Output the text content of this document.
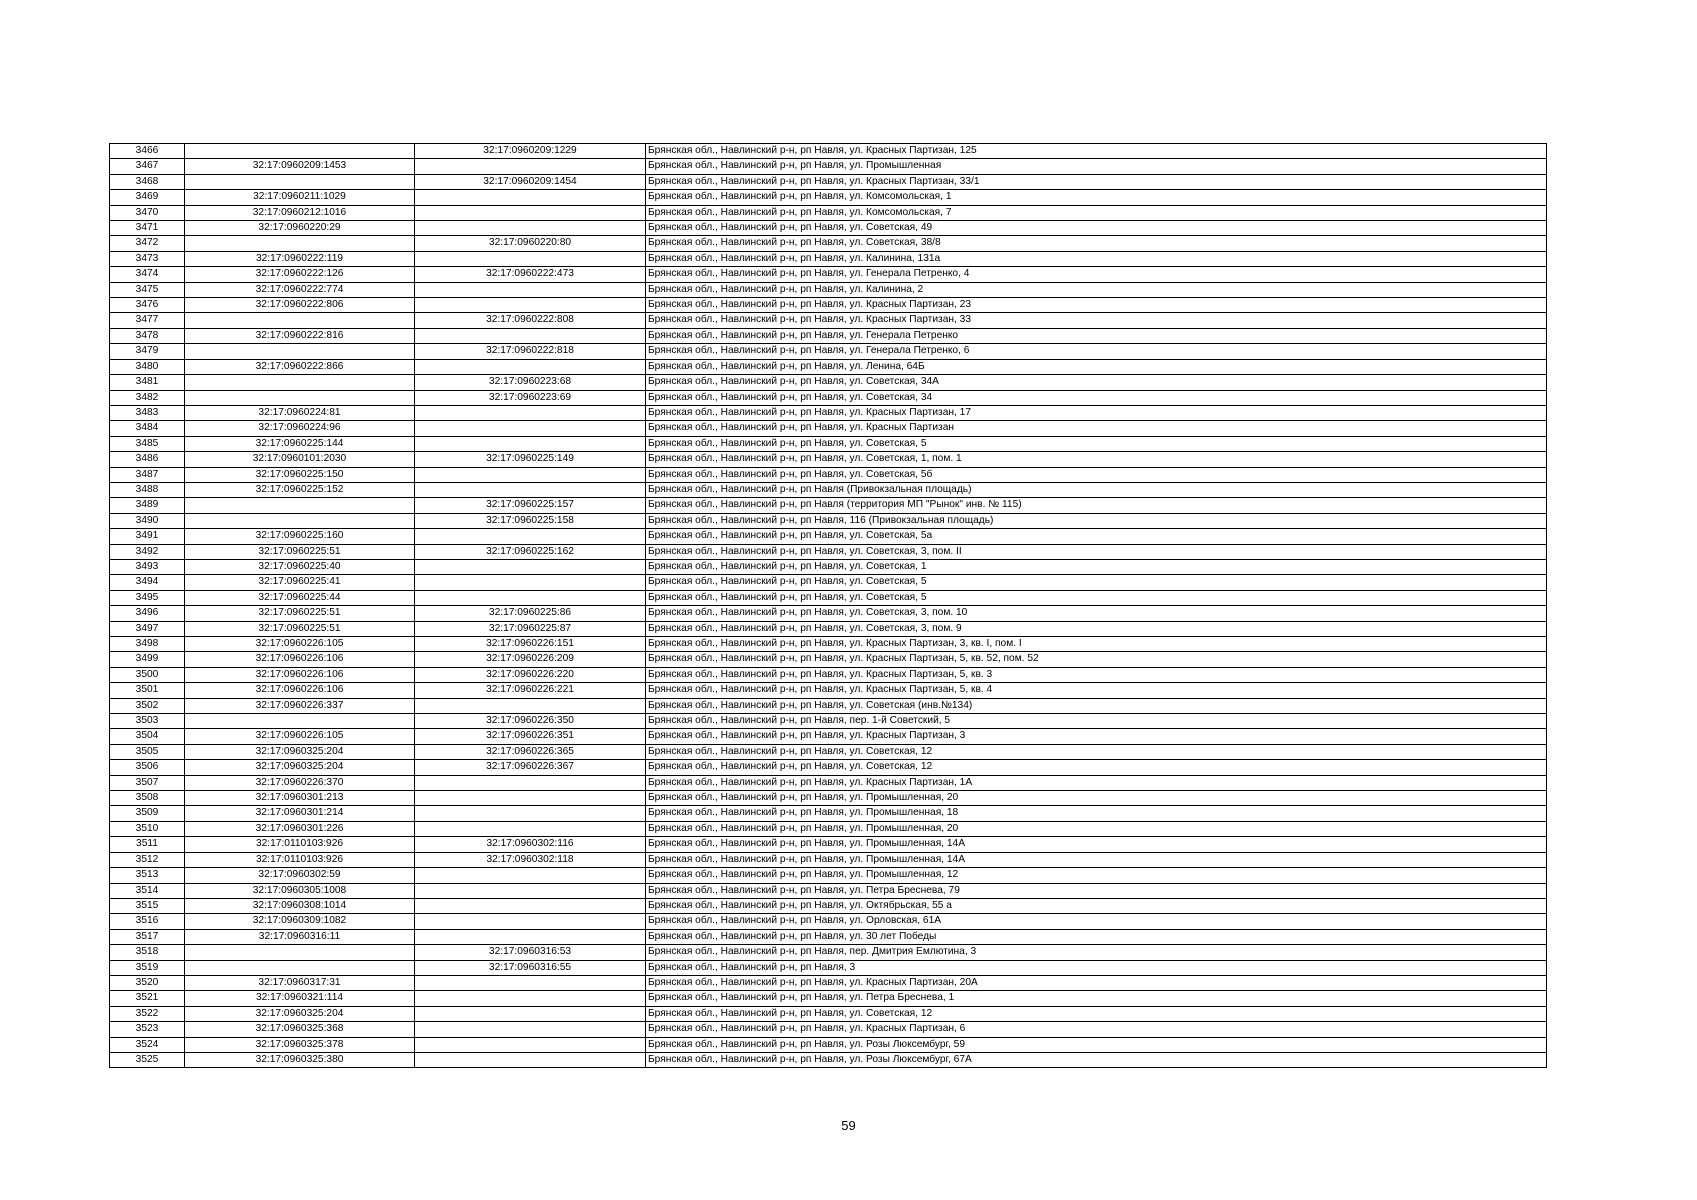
3466		32:17:0960209:1229	Брянская обл., Навлинский р-н, рп Навля, ул. Красных Партизан, 125
3467	32:17:0960209:1453		Брянская обл., Навлинский р-н, рп Навля, ул. Промышленная
3468		32:17:0960209:1454	Брянская обл., Навлинский р-н, рп Навля, ул. Красных Партизан, 33/1
3469	32:17:0960211:1029		Брянская обл., Навлинский р-н, рп Навля, ул. Комсомольская, 1
3470	32:17:0960212:1016		Брянская обл., Навлинский р-н, рп Навля, ул. Комсомольская, 7
3471	32:17:0960220:29		Брянская обл., Навлинский р-н, рп Навля, ул. Советская, 49
3472		32:17:0960220:80	Брянская обл., Навлинский р-н, рп Навля, ул. Советская, 38/8
3473	32:17:0960222:119		Брянская обл., Навлинский р-н, рп Навля, ул. Калинина, 131а
3474	32:17:0960222:126	32:17:0960222:473	Брянская обл., Навлинский р-н, рп Навля, ул. Генерала Петренко, 4
3475	32:17:0960222:774		Брянская обл., Навлинский р-н, рп Навля, ул. Калинина, 2
3476	32:17:0960222:806		Брянская обл., Навлинский р-н, рп Навля, ул. Красных Партизан, 23
3477		32:17:0960222:808	Брянская обл., Навлинский р-н, рп Навля, ул. Красных Партизан, 33
3478	32:17:0960222:816		Брянская обл., Навлинский р-н, рп Навля, ул. Генерала Петренко
3479		32:17:0960222:818	Брянская обл., Навлинский р-н, рп Навля, ул. Генерала Петренко, 6
3480	32:17:0960222:866		Брянская обл., Навлинский р-н, рп Навля, ул. Ленина, 64Б
3481		32:17:0960223:68	Брянская обл., Навлинский р-н, рп Навля, ул. Советская, 34А
3482		32:17:0960223:69	Брянская обл., Навлинский р-н, рп Навля, ул. Советская, 34
3483	32:17:0960224:81		Брянская обл., Навлинский р-н, рп Навля, ул. Красных Партизан, 17
3484	32:17:0960224:96		Брянская обл., Навлинский р-н, рп Навля, ул. Красных Партизан
3485	32:17:0960225:144		Брянская обл., Навлинский р-н, рп Навля, ул. Советская, 5
3486	32:17:0960101:2030	32:17:0960225:149	Брянская обл., Навлинский р-н, рп Навля, ул. Советская, 1, пом. 1
3487	32:17:0960225:150		Брянская обл., Навлинский р-н, рп Навля, ул. Советская, 5б
3488	32:17:0960225:152		Брянская обл., Навлинский р-н, рп Навля (Привокзальная площадь)
3489		32:17:0960225:157	Брянская обл., Навлинский р-н, рп Навля (территория МП "Рынок" инв. № 115)
3490		32:17:0960225:158	Брянская обл., Навлинский р-н, рп Навля, 116 (Привокзальная площадь)
3491	32:17:0960225:160		Брянская обл., Навлинский р-н, рп Навля, ул. Советская, 5а
3492	32:17:0960225:51	32:17:0960225:162	Брянская обл., Навлинский р-н, рп Навля, ул. Советская, 3, пом. II
3493	32:17:0960225:40		Брянская обл., Навлинский р-н, рп Навля, ул. Советская, 1
3494	32:17:0960225:41		Брянская обл., Навлинский р-н, рп Навля, ул. Советская, 5
3495	32:17:0960225:44		Брянская обл., Навлинский р-н, рп Навля, ул. Советская, 5
3496	32:17:0960225:51	32:17:0960225:86	Брянская обл., Навлинский р-н, рп Навля, ул. Советская, 3, пом. 10
3497	32:17:0960225:51	32:17:0960225:87	Брянская обл., Навлинский р-н, рп Навля, ул. Советская, 3, пом. 9
3498	32:17:0960226:105	32:17:0960226:151	Брянская обл., Навлинский р-н, рп Навля, ул. Красных Партизан, 3, кв. I, пом. I
3499	32:17:0960226:106	32:17:0960226:209	Брянская обл., Навлинский р-н, рп Навля, ул. Красных Партизан, 5, кв. 52, пом. 52
3500	32:17:0960226:106	32:17:0960226:220	Брянская обл., Навлинский р-н, рп Навля, ул. Красных Партизан, 5, кв. 3
3501	32:17:0960226:106	32:17:0960226:221	Брянская обл., Навлинский р-н, рп Навля, ул. Красных Партизан, 5, кв. 4
3502	32:17:0960226:337		Брянская обл., Навлинский р-н, рп Навля, ул. Советская (инв.№134)
3503		32:17:0960226:350	Брянская обл., Навлинский р-н, рп Навля, пер. 1-й Советский, 5
3504	32:17:0960226:105	32:17:0960226:351	Брянская обл., Навлинский р-н, рп Навля, ул. Красных Партизан, 3
3505	32:17:0960325:204	32:17:0960226:365	Брянская обл., Навлинский р-н, рп Навля, ул. Советская, 12
3506	32:17:0960325:204	32:17:0960226:367	Брянская обл., Навлинский р-н, рп Навля, ул. Советская, 12
3507	32:17:0960226:370		Брянская обл., Навлинский р-н, рп Навля, ул. Красных Партизан, 1А
3508	32:17:0960301:213		Брянская обл., Навлинский р-н, рп Навля, ул. Промышленная, 20
3509	32:17:0960301:214		Брянская обл., Навлинский р-н, рп Навля, ул. Промышленная, 18
3510	32:17:0960301:226		Брянская обл., Навлинский р-н, рп Навля, ул. Промышленная, 20
3511	32:17:0110103:926	32:17:0960302:116	Брянская обл., Навлинский р-н, рп Навля, ул. Промышленная, 14А
3512	32:17:0110103:926	32:17:0960302:118	Брянская обл., Навлинский р-н, рп Навля, ул. Промышленная, 14А
3513	32:17:0960302:59		Брянская обл., Навлинский р-н, рп Навля, ул. Промышленная, 12
3514	32:17:0960305:1008		Брянская обл., Навлинский р-н, рп Навля, ул. Петра Бреснева, 79
3515	32:17:0960308:1014		Брянская обл., Навлинский р-н, рп Навля, ул. Октябрьская, 55 а
3516	32:17:0960309:1082		Брянская обл., Навлинский р-н, рп Навля, ул. Орловская, 61А
3517	32:17:0960316:11		Брянская обл., Навлинский р-н, рп Навля, ул. 30 лет Победы
3518		32:17:0960316:53	Брянская обл., Навлинский р-н, рп Навля, пер. Дмитрия Емлютина, 3
3519		32:17:0960316:55	Брянская обл., Навлинский р-н, рп Навля, 3
3520	32:17:0960317:31		Брянская обл., Навлинский р-н, рп Навля, ул. Красных Партизан, 20А
3521	32:17:0960321:114		Брянская обл., Навлинский р-н, рп Навля, ул. Петра Бреснева, 1
3522	32:17:0960325:204		Брянская обл., Навлинский р-н, рп Навля, ул. Советская, 12
3523	32:17:0960325:368		Брянская обл., Навлинский р-н, рп Навля, ул. Красных Партизан, 6
3524	32:17:0960325:378		Брянская обл., Навлинский р-н, рп Навля, ул. Розы Люксембург, 59
3525	32:17:0960325:380		Брянская обл., Навлинский р-н, рп Навля, ул. Розы Люксембург, 67А
59
